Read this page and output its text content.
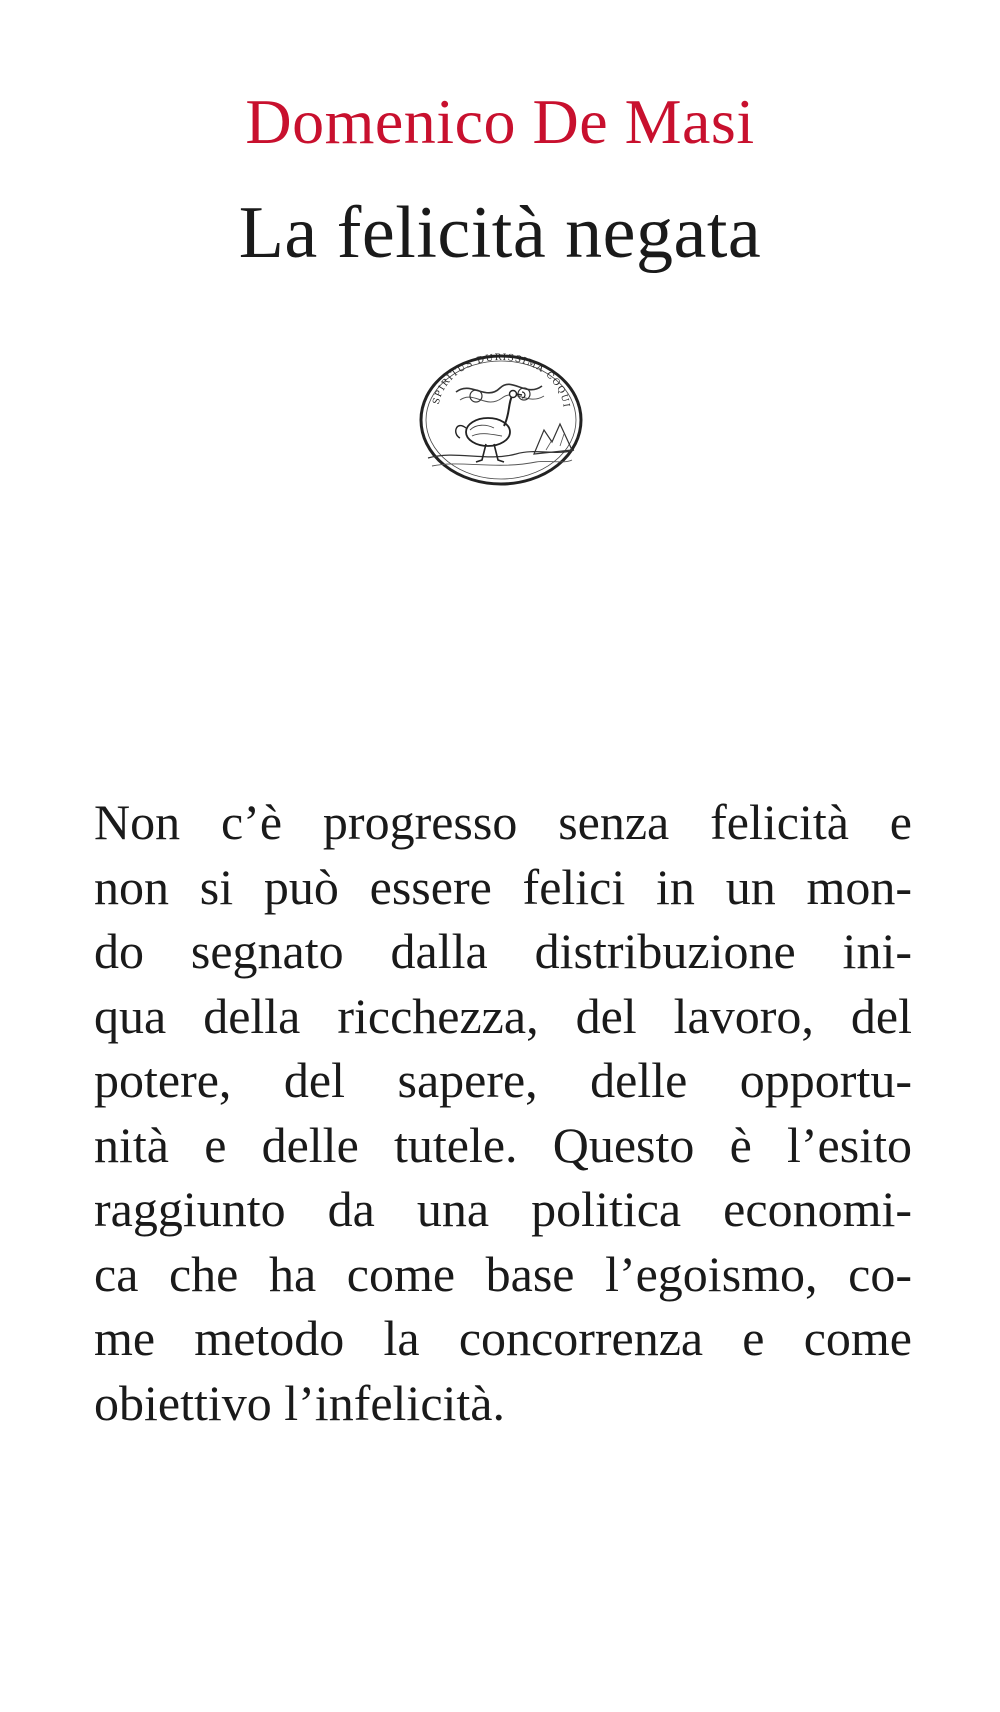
Domenico De Masi
La felicità negata
SPIRITUS DURISSIMA COQUI
Non c’è progresso senza felicità e
non si può essere felici in un mon-
do segnato dalla distribuzione ini-
qua della ricchezza, del lavoro, del
potere, del sapere, delle opportu-
nità e delle tutele. Questo è l’esito
raggiunto da una politica economi-
ca che ha come base l’egoismo, co-
me metodo la concorrenza e come
obiettivo l’infelicità.
